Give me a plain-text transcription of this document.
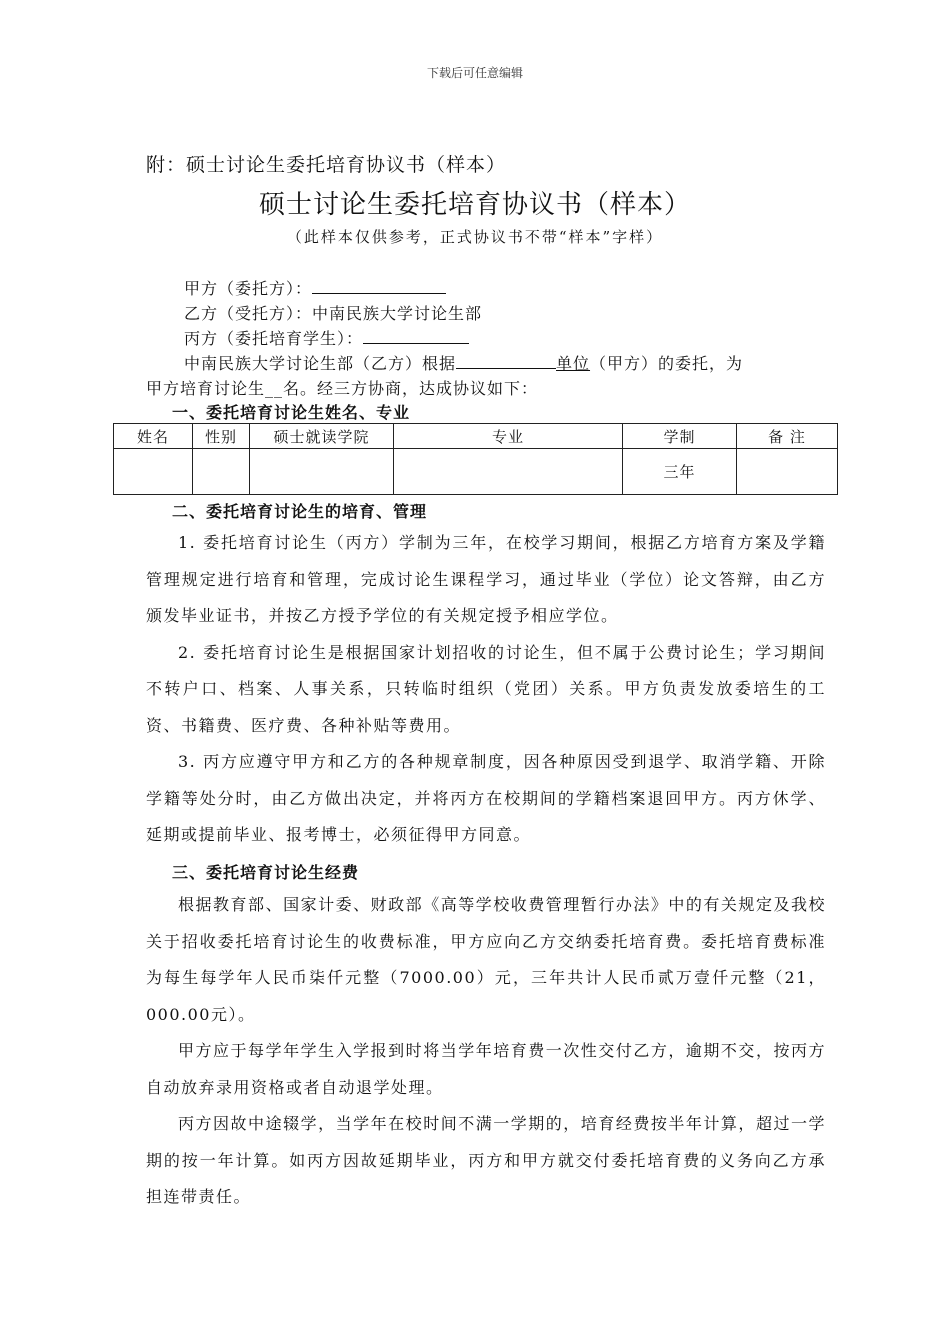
下载后可任意编辑
附：硕士讨论生委托培育协议书（样本）
硕士讨论生委托培育协议书（样本）
（此样本仅供参考，正式协议书不带“样本”字样）
甲方（委托方）：
乙方（受托方）：中南民族大学讨论生部
丙方（委托培育学生）：
中南民族大学讨论生部（乙方）根据	单位（甲方）的委托，为
甲方培育讨论生__名。经三方协商，达成协议如下：
一、委托培育讨论生姓名、专业
姓名	性别	硕士就读学院	专业	学制	备 注
				三年	
二、委托培育讨论生的培育、管理

1. 委托培育讨论生（丙方）学制为三年，在校学习期间，根据乙方培育方案及学籍管理规定进行培育和管理，完成讨论生课程学习，通过毕业（学位）论文答辩，由乙方颁发毕业证书，并按乙方授予学位的有关规定授予相应学位。

2. 委托培育讨论生是根据国家计划招收的讨论生，但不属于公费讨论生；学习期间不转户口、档案、人事关系，只转临时组织（党团）关系。甲方负责发放委培生的工资、书籍费、医疗费、各种补贴等费用。

3. 丙方应遵守甲方和乙方的各种规章制度，因各种原因受到退学、取消学籍、开除学籍等处分时，由乙方做出决定，并将丙方在校期间的学籍档案退回甲方。丙方休学、延期或提前毕业、报考博士，必须征得甲方同意。

三、委托培育讨论生经费

根据教育部、国家计委、财政部《高等学校收费管理暂行办法》中的有关规定及我校关于招收委托培育讨论生的收费标准，甲方应向乙方交纳委托培育费。委托培育费标准为每生每学年人民币柒仟元整（7000.00）元，三年共计人民币贰万壹仟元整（21，000.00元）。

甲方应于每学年学生入学报到时将当学年培育费一次性交付乙方，逾期不交，按丙方自动放弃录用资格或者自动退学处理。

丙方因故中途辍学，当学年在校时间不满一学期的，培育经费按半年计算，超过一学期的按一年计算。如丙方因故延期毕业，丙方和甲方就交付委托培育费的义务向乙方承担连带责任。
